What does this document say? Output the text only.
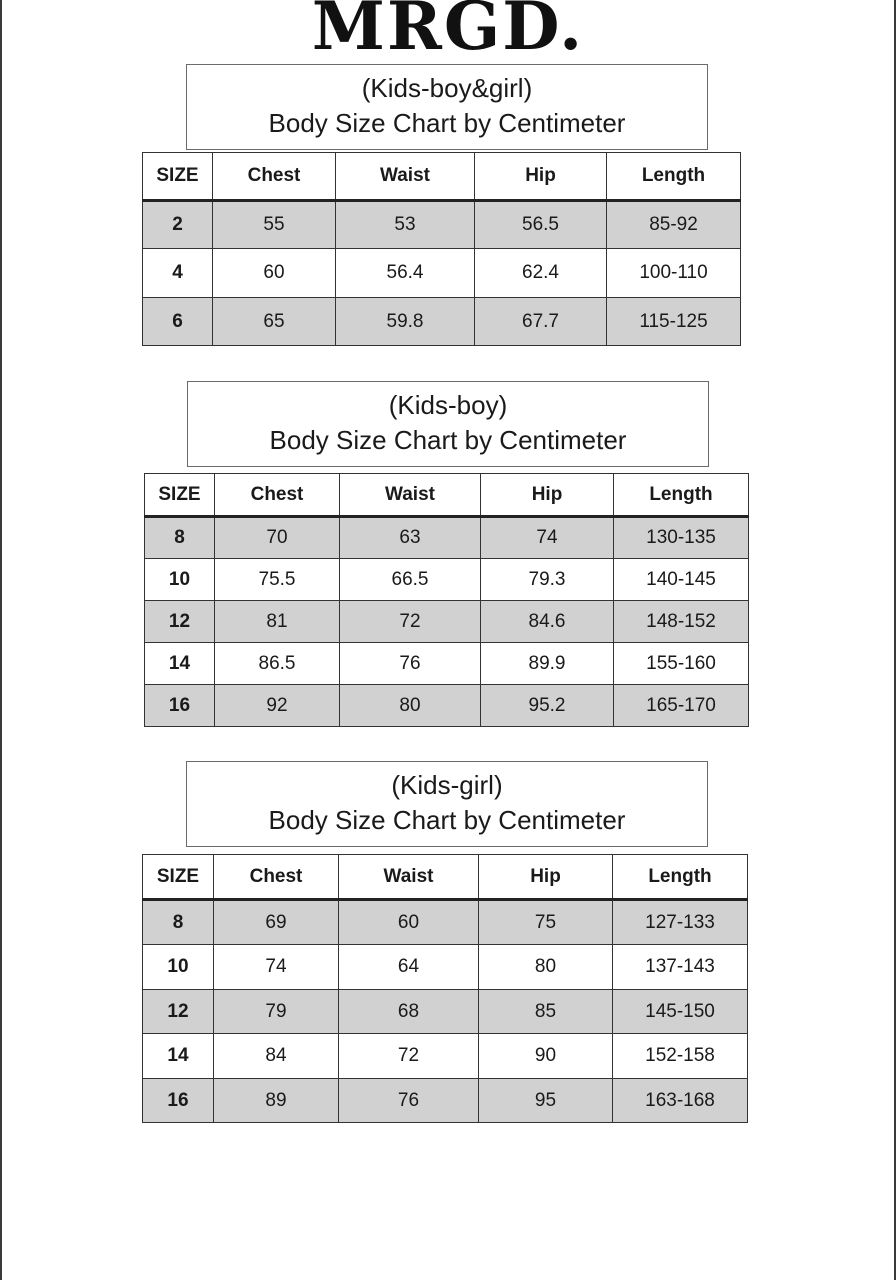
MRGD.
(Kids-boy&girl)
Body Size Chart by Centimeter
SIZE	Chest	Waist	Hip	Length
2	55	53	56.5	85-92
4	60	56.4	62.4	100-110
6	65	59.8	67.7	115-125
(Kids-boy)
Body Size Chart by Centimeter
SIZE	Chest	Waist	Hip	Length
8	70	63	74	130-135
10	75.5	66.5	79.3	140-145
12	81	72	84.6	148-152
14	86.5	76	89.9	155-160
16	92	80	95.2	165-170
(Kids-girl)
Body Size Chart by Centimeter
SIZE	Chest	Waist	Hip	Length
8	69	60	75	127-133
10	74	64	80	137-143
12	79	68	85	145-150
14	84	72	90	152-158
16	89	76	95	163-168
